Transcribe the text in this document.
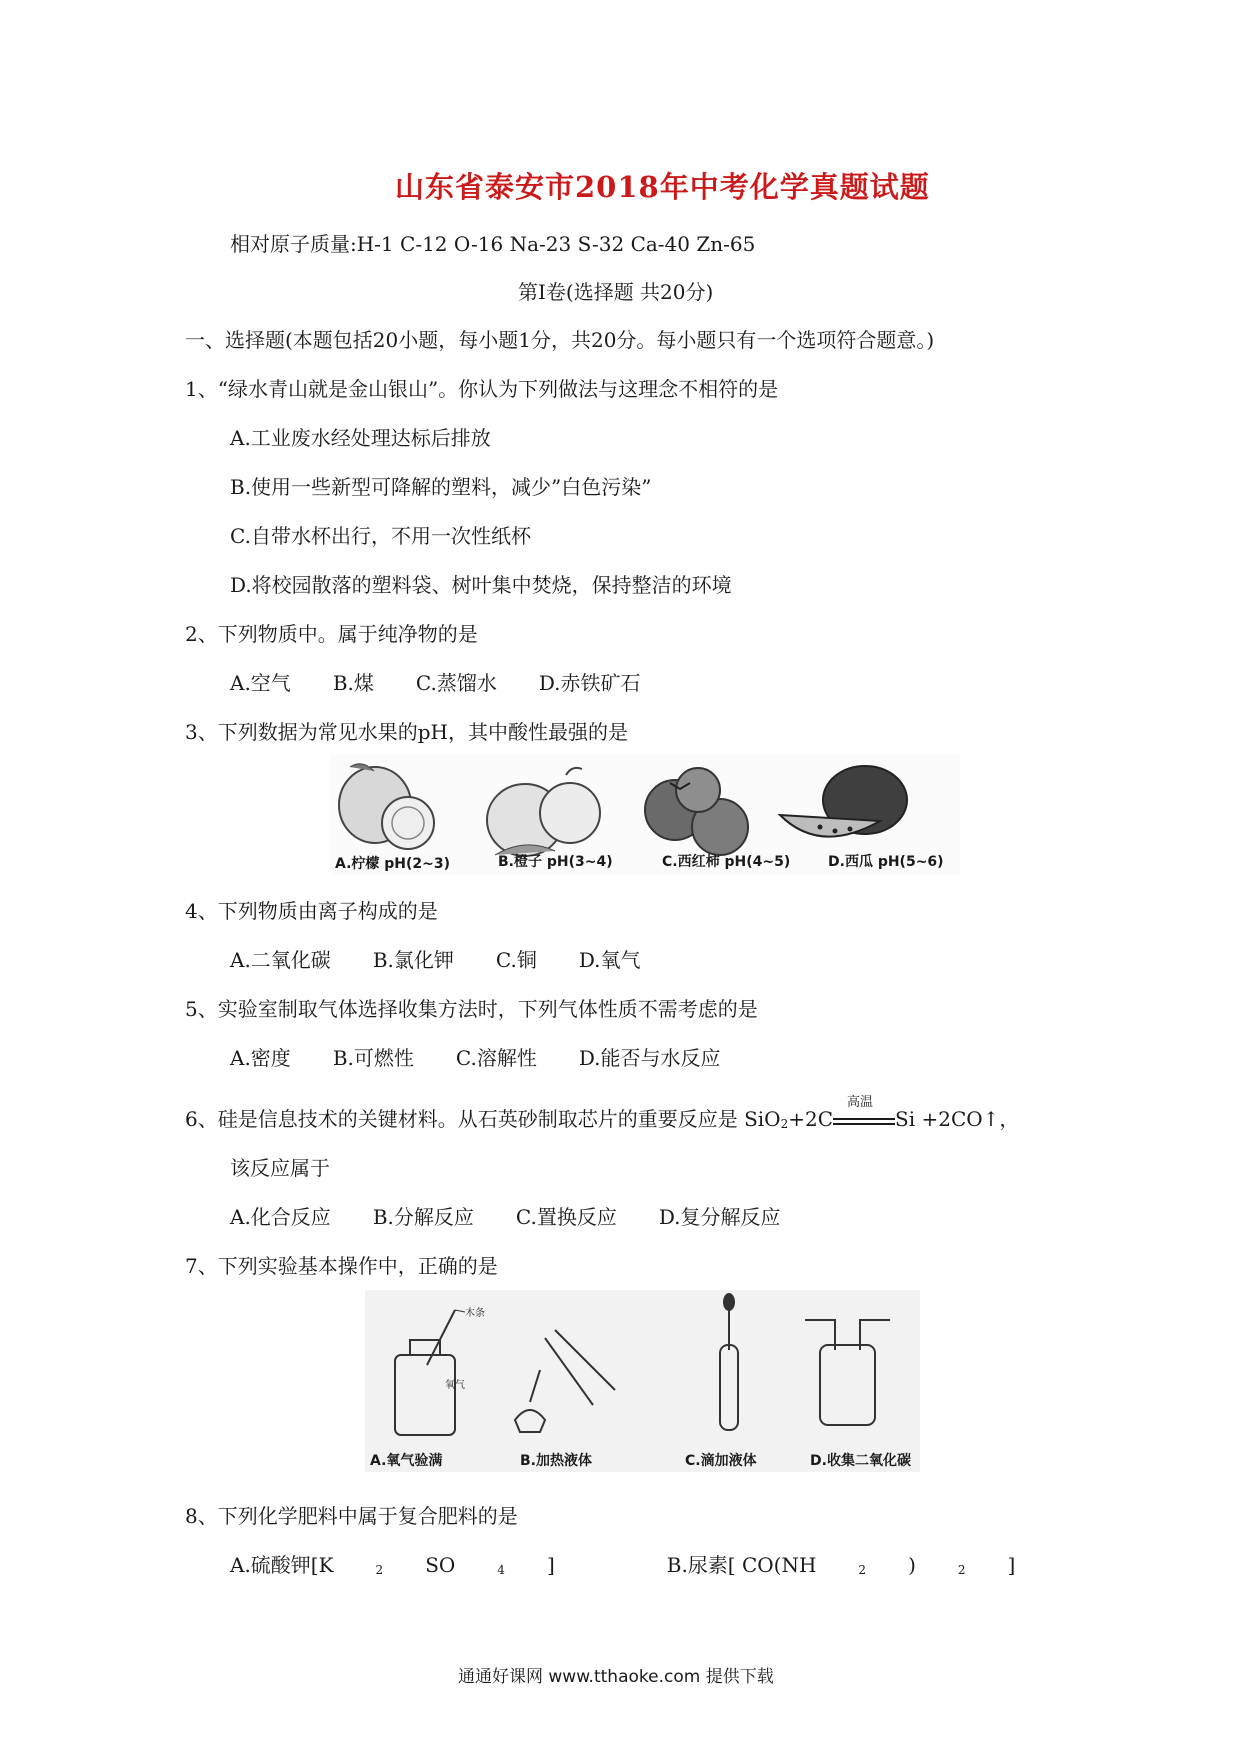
山东省泰安市2018年中考化学真题试题
相对原子质量:H-1 C-12 O-16 Na-23 S-32 Ca-40 Zn-65
第Ⅰ卷(选择题 共20分)
一、选择题(本题包括20小题，每小题1分，共20分。每小题只有一个选项符合题意。)
1、“绿水青山就是金山银山”。你认为下列做法与这理念不相符的是
A.工业废水经处理达标后排放
B.使用一些新型可降解的塑料，减少”白色污染”
C.自带水杯出行，不用一次性纸杯
D.将校园散落的塑料袋、树叶集中焚烧，保持整洁的环境
2、下列物质中。属于纯净物的是
A.空气 B.煤 C.蒸馏水 D.赤铁矿石
3、下列数据为常见水果的pH，其中酸性最强的是
A.柠檬 pH(2~3)	B.橙子 pH(3~4)	C.西红柿 pH(4~5)	D.西瓜 pH(5~6)
4、下列物质由离子构成的是
A.二氧化碳 B.氯化钾 C.铜 D.氧气
5、实验室制取气体选择收集方法时，下列气体性质不需考虑的是
A.密度 B.可燃性 C.溶解性 D.能否与水反应
6、硅是信息技术的关键材料。从石英砂制取芯片的重要反应是 SiO2+2C
高温
Si +2CO↑，
该反应属于
A.化合反应 B.分解反应 C.置换反应 D.复分解反应
7、下列实验基本操作中，正确的是
木条
氧气
A.氧气验满	B.加热液体	C.滴加液体	D.收集二氧化碳
8、下列化学肥料中属于复合肥料的是
A.硫酸钾[K	2 SO	4 ]	B.尿素[ CO(NH	2 )	2 ]
通通好课网 www.tthaoke.com 提供下载
